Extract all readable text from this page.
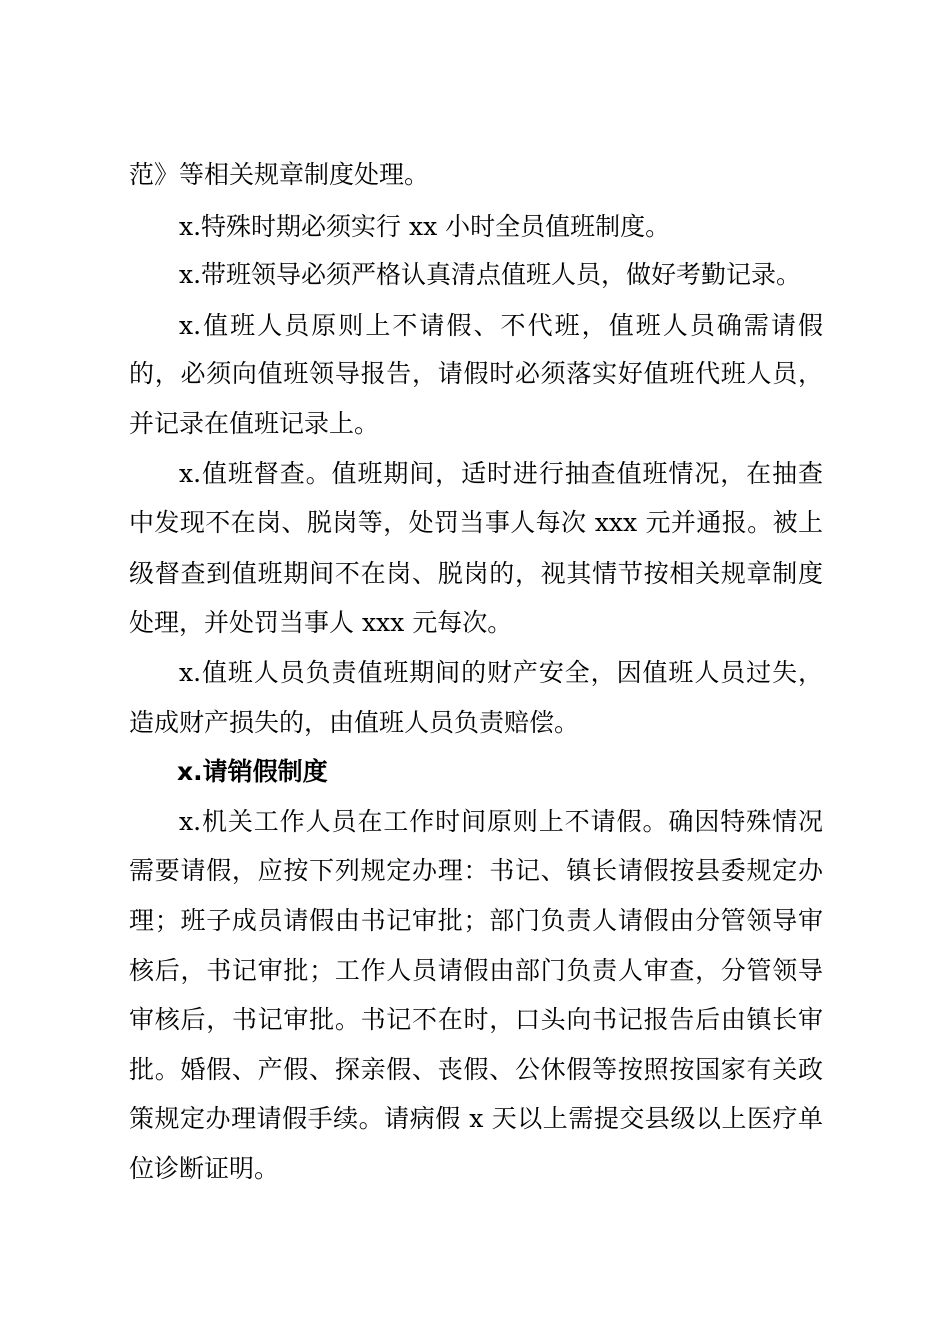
范》等相关规章制度处理。
x.特殊时期必须实行 xx 小时全员值班制度。
x.带班领导必须严格认真清点值班人员，做好考勤记录。
x.值班人员原则上不请假、不代班，值班人员确需请假
的，必须向值班领导报告，请假时必须落实好值班代班人员，
并记录在值班记录上。
x.值班督查。值班期间，适时进行抽查值班情况，在抽查
中发现不在岗、脱岗等，处罚当事人每次 xxx 元并通报。被上
级督查到值班期间不在岗、脱岗的，视其情节按相关规章制度
处理，并处罚当事人 xxx 元每次。
x.值班人员负责值班期间的财产安全，因值班人员过失，
造成财产损失的，由值班人员负责赔偿。
x.请销假制度
x.机关工作人员在工作时间原则上不请假。确因特殊情况
需要请假，应按下列规定办理：书记、镇长请假按县委规定办
理；班子成员请假由书记审批；部门负责人请假由分管领导审
核后，书记审批；工作人员请假由部门负责人审查，分管领导
审核后，书记审批。书记不在时，口头向书记报告后由镇长审
批。婚假、产假、探亲假、丧假、公休假等按照按国家有关政
策规定办理请假手续。请病假 x 天以上需提交县级以上医疗单
位诊断证明。
